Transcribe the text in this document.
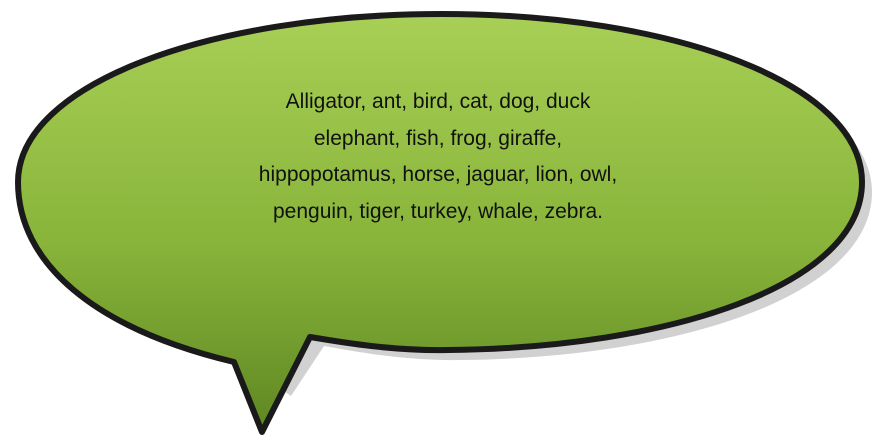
Alligator, ant, bird, cat, dog, duck
elephant, fish, frog, giraffe,
hippopotamus, horse, jaguar, lion, owl,
penguin, tiger, turkey, whale, zebra.
